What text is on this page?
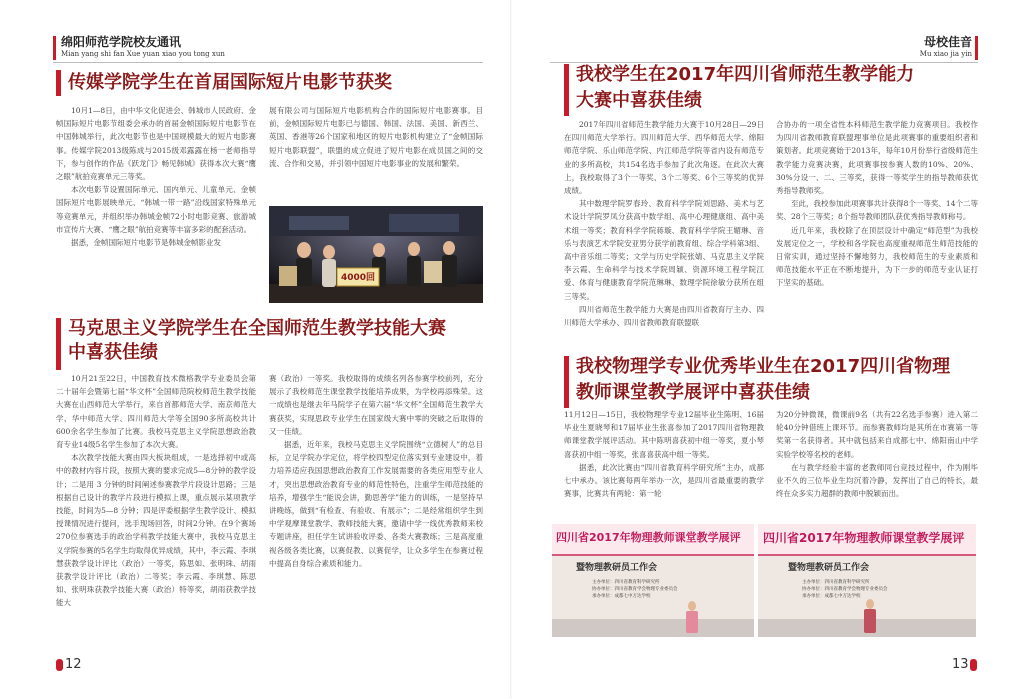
绵阳师范学院校友通讯
Mian yang shi fan Xue yuan xiao you tong xun
传媒学院学生在首届国际短片电影节获奖

10月1—8日，由中华文化促进会、韩城市人民政府、金帧国际短片电影节组委会承办的首届金帧国际短片电影节在中国韩城举行，此次电影节也是中国规模最大的短片电影赛事。传媒学院2013级陈成与2015级邓露露在杨一老师指导下，参与创作的作品《跃龙门》畅见韩城》获得本次大赛“鹰之眼”航拍竞赛单元三等奖。

本次电影节设置国际单元、国内单元、儿童单元、金帧国际短片电影展映单元、“韩城一带一路”沿线国家特殊单元等竞赛单元，并组织举办韩城金帧72小时电影竞赛、旅游城市宣传片大赛、“鹰之眼”航拍竞赛等丰富多彩的配套活动。

据悉，金帧国际短片电影节是韩城金帧影业发

展有限公司与国际短片电影机构合作的国际短片电影赛事。目前，金帧国际短片电影已与德国、韩国、法国、美国、新西兰、英国、香港等26个国家和地区的短片电影机构建立了“金帧国际短片电影联盟”，联盟的成立促进了短片电影在成员国之间的交流、合作和交易，并引领中国短片电影事业的发展和繁荣。

4000回
马克思主义学院学生在全国师范生教学技能大赛
中喜获佳绩

10月21至22日，中国教育技术微格教学专业委员会第二十届年会暨第七届“华文杯”全国师范院校师范生教学技能大赛在山西师范大学举行，来自首都师范大学、南京师范大学、华中师范大学、四川师范大学等全国90多所高校共计600余名学生参加了比赛。我校马克思主义学院思想政治教育专业14级5名学生参加了本次大赛。

本次教学技能大赛由四大板块组成，一是选择初中或高中的教材内容片段，按照大赛的要求完成5—8分钟的教学设计；二是用 3 分钟的时间阐述参赛教学片段设计思路；三是根据自己设计的教学片段进行模拟上课，重点展示某项教学技能，时间为5—8 分钟；四是评委根据学生教学设计、模拟授课情况进行提问，选手现场回答，时间2分钟。在9个赛场270位参赛选手的政治学科教学技能大赛中，我校马克思主义学院参赛的5名学生均取得优异成绩，其中，李云霞、李琪慧获教学设计评比（政治）一等奖，陈思如、张明珠、胡雨获教学设计评比（政治）二等奖；李云霞、李琪慧、陈思如、张明珠获教学技能大赛（政治）特等奖，胡雨获教学技能大

赛（政治）一等奖。我校取得的成绩名列各参赛学校前列，充分展示了我校师范生课堂教学技能培养成果，为学校再添殊荣。这一成绩也是继去年马院学子在第六届“华文杯”全国师范生教学大赛获奖，实现思政专业学生在国家级大赛中零的突破之后取得的又一佳绩。

据悉，近年来，我校马克思主义学院围绕“立德树人”的总目标，立足学院办学定位，将学校四型定位落实到专业建设中，着力培养适应我国思想政治教育工作发展需要的各类应用型专业人才，突出思想政治教育专业的师范性特色，注重学生师范技能的培养，增强学生“能说会讲，勤思善学”能力的训练，一是坚持早讲晚练，做到“有检查、有验收、有展示”；二是经常组织学生到中学观摩课堂教学、教师技能大赛，邀请中学一线优秀教师来校专题讲座，担任学生试讲验收评委、各类大赛教练；三是高度重视各级各类比赛，以赛促教、以赛促学，让众多学生在参赛过程中提高自身综合素质和能力。

12
母校佳音
Mu xiao jia yin
我校学生在2017年四川省师范生教学能力
大赛中喜获佳绩

2017年四川省师范生教学能力大赛于10月28日—29日在四川师范大学举行。四川师范大学、西华师范大学、绵阳师范学院、乐山师范学院、内江师范学院等省内设有师范专业的多所高校，共154名选手参加了此次角逐。在此次大赛上，我校取得了3个一等奖、3个二等奖、6个三等奖的优异成绩。

其中数理学院罗春玲、教育科学学院刘思路、美术与艺术设计学院罗凤分获高中数学组、高中心理健康组、高中美术组一等奖；教育科学学院蒋璇、教育科学学院王媚琳、音乐与表演艺术学院安亚男分获学前教育组、综合学科第3组、高中音乐组二等奖；文学与历史学院张婧、马克思主义学院李云霞、生命科学与技术学院周颖、资源环境工程学院江爱、体育与健康教育学院范琳琳、数理学院徐敏分获所在组三等奖。

四川省师范生教学能力大赛是由四川省教育厅主办、四川师范大学承办、四川省教师教育联盟联

合协办的一项全省性本科师范生教学能力竞赛项目。我校作为四川省教师教育联盟理事单位是此项赛事的重要组织者和策划者。此项竞赛始于2013年，每年10月份举行省级师范生教学能力竞赛决赛，此项赛事按参赛人数的10%、20%、30%分设一、二、三等奖，获得一等奖学生的指导教师获优秀指导教师奖。

至此，我校参加此项赛事共计获得8个一等奖、14个二等奖、28个三等奖；8个指导教师团队获优秀指导教师称号。

近几年来，我校除了在顶层设计中确定“师范型”为我校发展定位之一，学校和各学院也高度重视师范生师范技能的日常实训，通过坚持不懈地努力，我校师范生的专业素质和师范技能水平正在不断地提升，为下一步的师范专业认证打下坚实的基础。

我校物理学专业优秀毕业生在2017四川省物理
教师课堂教学展评中喜获佳绩

11月12日—15日，我校物理学专业12届毕业生陈明、16届毕业生夏晓琴和17届毕业生张喜参加了2017四川省物理教师课堂教学展评活动。其中陈明喜获初中组一等奖，夏小琴喜获初中组一等奖，张喜喜获高中组一等奖。

据悉，此次比赛由“四川省教育科学研究所”主办，成都七中承办。该比赛每两年举办一次，是四川省最重要的教学赛事，比赛共有两轮：第一轮

为20分钟微课，微课前9名（共有22名选手参赛）进入第二轮40分钟借班上课环节。而参赛教师均是其所在市赛第一等奖第一名获得者。其中就包括来自成都七中、绵阳南山中学实验学校等名校的老师。

在与教学经验丰富的老教师同台竞技过程中，作为刚毕业不久的三位毕业生均沉着冷静，发挥出了自己的特长，最终在众多实力超群的教师中脱颖而出。

四川省2017年物理教师课堂教学展评
暨物理教研员工作会
主办单位：四川省教育科学研究所
协办单位：四川省教育学会物理专业委员会
承办单位：成都七中万达学校
四川省2017年物理教师课堂教学展评
暨物理教研员工作会
主办单位：四川省教育科学研究所
协办单位：四川省教育学会物理专业委员会
承办单位：成都七中万达学校
13
